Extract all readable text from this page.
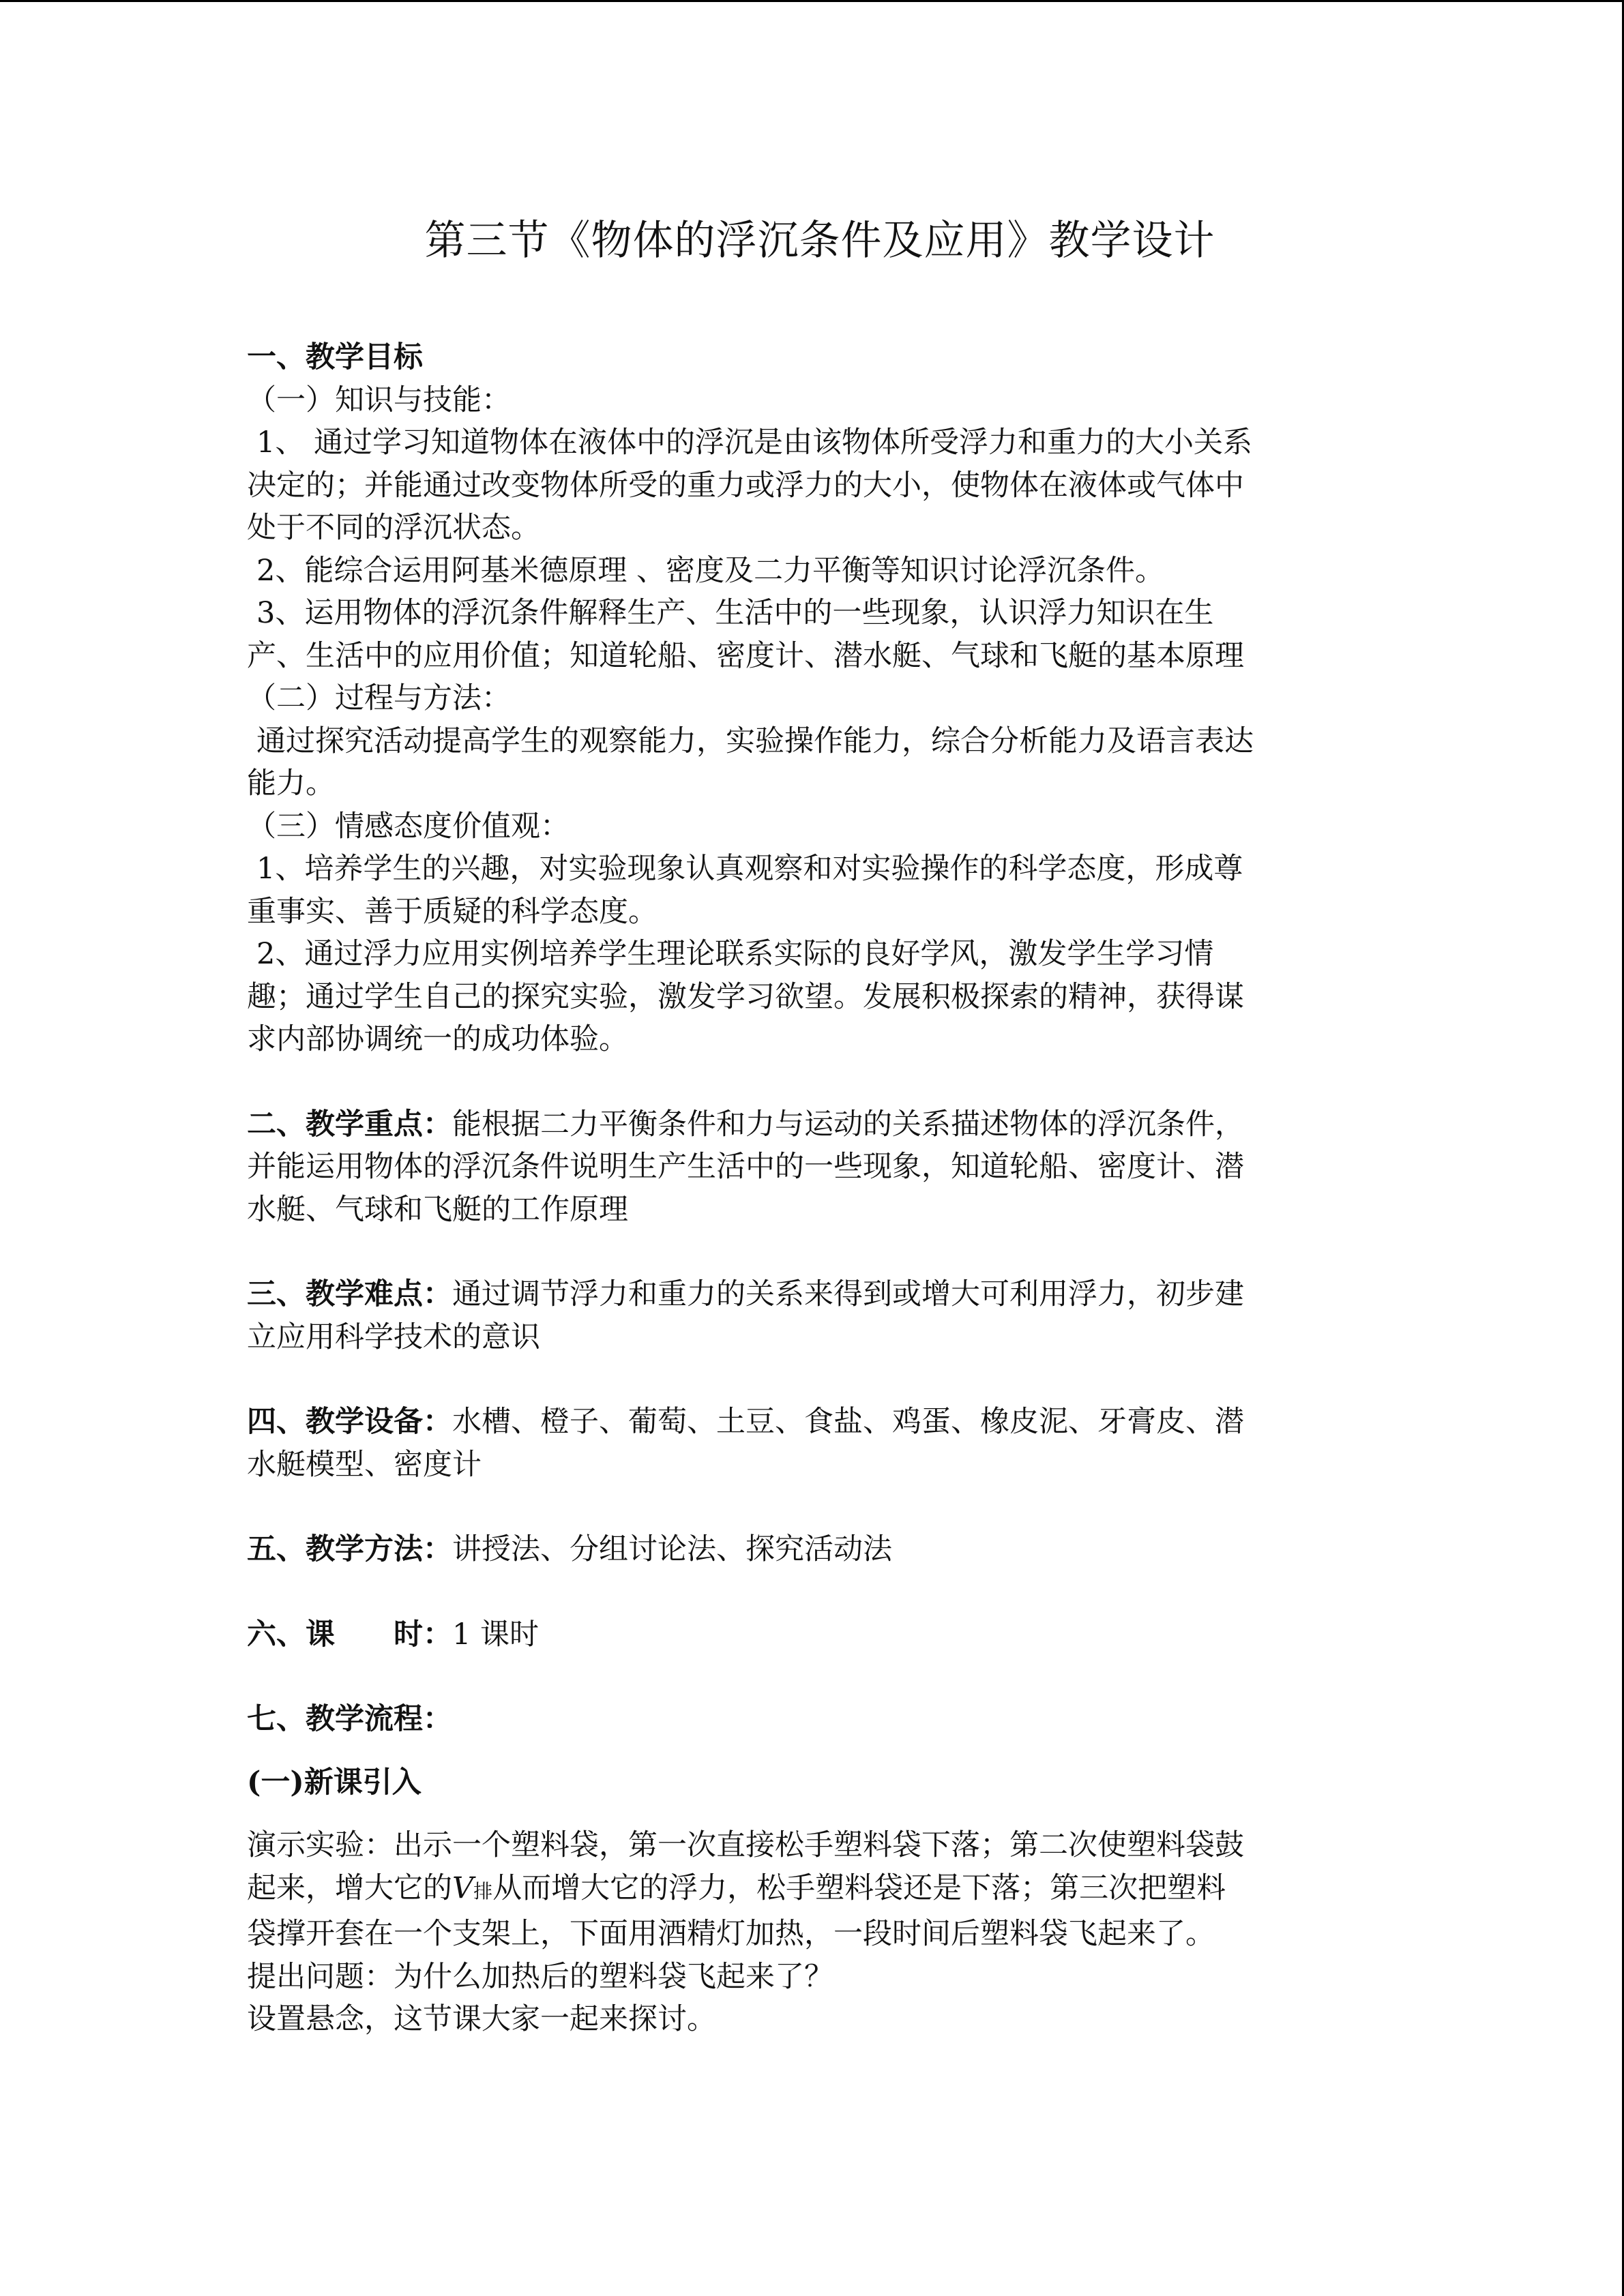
第三节《物体的浮沉条件及应用》教学设计

一、教学目标

（一）知识与技能：

1、 通过学习知道物体在液体中的浮沉是由该物体所受浮力和重力的大小关系

决定的；并能通过改变物体所受的重力或浮力的大小，使物体在液体或气体中

处于不同的浮沉状态。

2、能综合运用阿基米德原理 、密度及二力平衡等知识讨论浮沉条件。

3、运用物体的浮沉条件解释生产、生活中的一些现象，认识浮力知识在生

产、生活中的应用价值；知道轮船、密度计、潜水艇、气球和飞艇的基本原理

（二）过程与方法：

通过探究活动提高学生的观察能力，实验操作能力，综合分析能力及语言表达

能力。

（三）情感态度价值观：

1、培养学生的兴趣，对实验现象认真观察和对实验操作的科学态度，形成尊

重事实、善于质疑的科学态度。

2、通过浮力应用实例培养学生理论联系实际的良好学风，激发学生学习情

趣；通过学生自己的探究实验，激发学习欲望。发展积极探索的精神，获得谋

求内部协调统一的成功体验。

二、教学重点：能根据二力平衡条件和力与运动的关系描述物体的浮沉条件，

并能运用物体的浮沉条件说明生产生活中的一些现象，知道轮船、密度计、潜

水艇、气球和飞艇的工作原理

三、教学难点：通过调节浮力和重力的关系来得到或增大可利用浮力，初步建

立应用科学技术的意识

四、教学设备：水槽、橙子、葡萄、土豆、食盐、鸡蛋、橡皮泥、牙膏皮、潜

水艇模型、密度计

五、教学方法：讲授法、分组讨论法、探究活动法

六、课　　时：1 课时

七、教学流程：

(一)新课引入

演示实验：出示一个塑料袋，第一次直接松手塑料袋下落；第二次使塑料袋鼓

起来，增大它的V排从而增大它的浮力，松手塑料袋还是下落；第三次把塑料

袋撑开套在一个支架上，下面用酒精灯加热，一段时间后塑料袋飞起来了。

提出问题：为什么加热后的塑料袋飞起来了？

设置悬念，这节课大家一起来探讨。
